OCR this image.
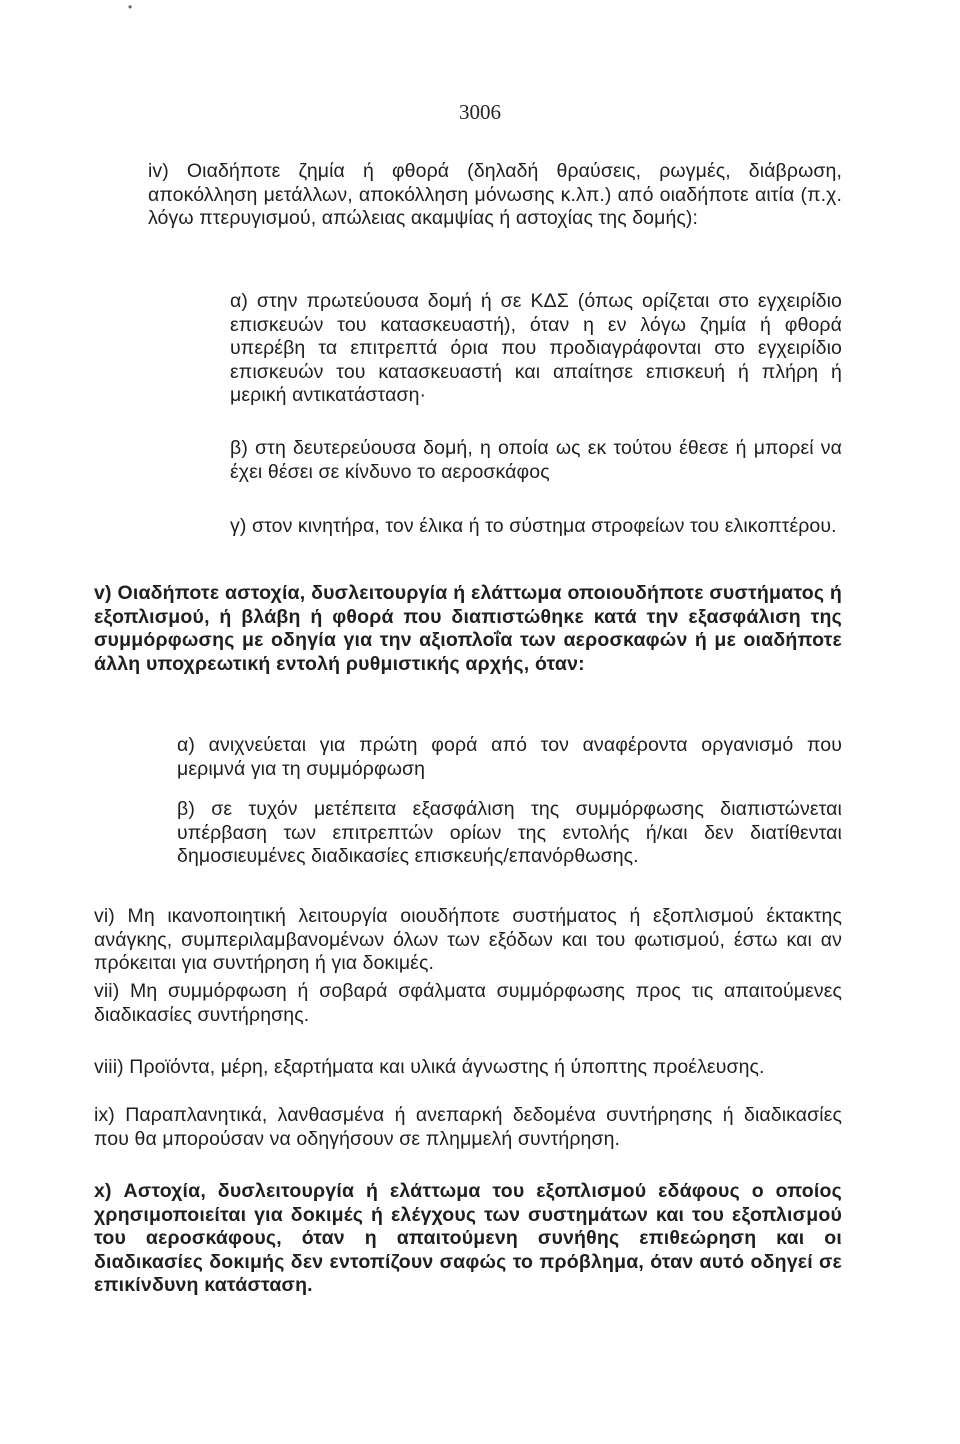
•
3006

iv) Οιαδήποτε ζημία ή φθορά (δηλαδή θραύσεις, ρωγμές, διάβρωση, αποκόλληση μετάλλων, αποκόλληση μόνωσης κ.λπ.) από οιαδήποτε αιτία (π.χ. λόγω πτερυγισμού, απώλειας ακαμψίας ή αστοχίας της δομής):

α) στην πρωτεύουσα δομή ή σε ΚΔΣ (όπως ορίζεται στο εγχειρίδιο επισκευών του κατασκευαστή), όταν η εν λόγω ζημία ή φθορά υπερέβη τα επιτρεπτά όρια που προδιαγράφονται στο εγχειρίδιο επισκευών του κατασκευαστή και απαίτησε επισκευή ή πλήρη ή μερική αντικατάσταση·

β) στη δευτερεύουσα δομή, η οποία ως εκ τούτου έθεσε ή μπορεί να έχει θέσει σε κίνδυνο το αεροσκάφος

γ) στον κινητήρα, τον έλικα ή το σύστημα στροφείων του ελικοπτέρου.

v) Οιαδήποτε αστοχία, δυσλειτουργία ή ελάττωμα οποιουδήποτε συστήματος ή εξοπλισμού, ή βλάβη ή φθορά που διαπιστώθηκε κατά την εξασφάλιση της συμμόρφωσης με οδηγία για την αξιοπλοΐα των αεροσκαφών ή με οιαδήποτε άλλη υποχρεωτική εντολή ρυθμιστικής αρχής, όταν:

α) ανιχνεύεται για πρώτη φορά από τον αναφέροντα οργανισμό που μεριμνά για τη συμμόρφωση

β) σε τυχόν μετέπειτα εξασφάλιση της συμμόρφωσης διαπιστώνεται υπέρβαση των επιτρεπτών ορίων της εντολής ή/και δεν διατίθενται δημοσιευμένες διαδικασίες επισκευής/επανόρθωσης.

vi) Μη ικανοποιητική λειτουργία οιουδήποτε συστήματος ή εξοπλισμού έκτακτης ανάγκης, συμπεριλαμβανομένων όλων των εξόδων και του φωτισμού, έστω και αν πρόκειται για συντήρηση ή για δοκιμές.

vii) Μη συμμόρφωση ή σοβαρά σφάλματα συμμόρφωσης προς τις απαιτούμενες διαδικασίες συντήρησης.

viii) Προϊόντα, μέρη, εξαρτήματα και υλικά άγνωστης ή ύποπτης προέλευσης.

ix) Παραπλανητικά, λανθασμένα ή ανεπαρκή δεδομένα συντήρησης ή διαδικασίες που θα μπορούσαν να οδηγήσουν σε πλημμελή συντήρηση.

x) Αστοχία, δυσλειτουργία ή ελάττωμα του εξοπλισμού εδάφους ο οποίος χρησιμοποιείται για δοκιμές ή ελέγχους των συστημάτων και του εξοπλισμού του αεροσκάφους, όταν η απαιτούμενη συνήθης επιθεώρηση και οι διαδικασίες δοκιμής δεν εντοπίζουν σαφώς το πρόβλημα, όταν αυτό οδηγεί σε επικίνδυνη κατάσταση.
